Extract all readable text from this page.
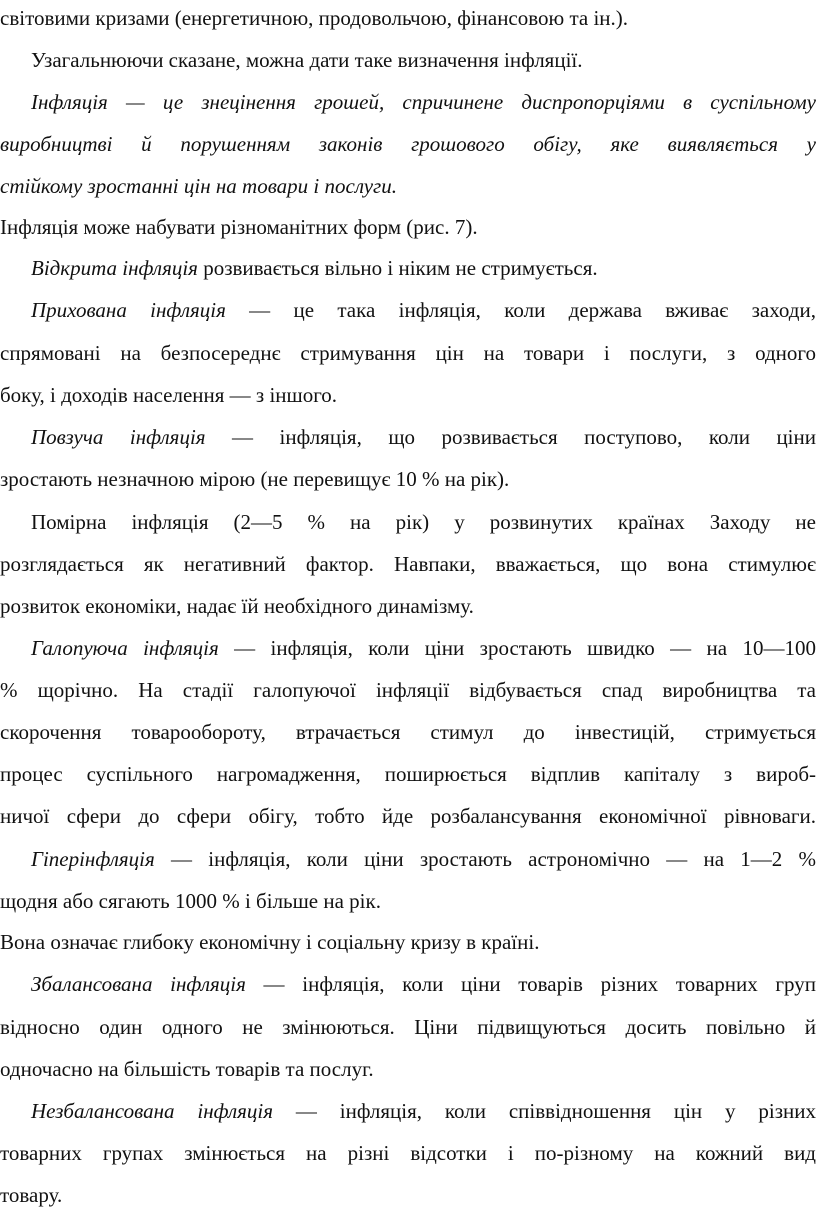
світовими кризами (енергетичною, продовольчою, фінансовою та ін.).
Узагальнюючи сказане, можна дати таке визначення інфляції.
Інфляція — це знецінення грошей, спричинене диспропорціями в суспільному
виробництві й порушенням законів грошового обігу, яке виявляється у
стійкому зростанні цін на товари і послуги.
Інфляція може набувати різноманітних форм (рис. 7).
Відкрита інфляція розвивається вільно і ніким не стримується.
Прихована інфляція — це така інфляція, коли держава вживає заходи,
спрямовані на безпосереднє стримування цін на товари і послуги, з одного
боку, і доходів населення — з іншого.
Повзуча інфляція — інфляція, що розвивається поступово, коли ціни
зростають незначною мірою (не перевищує 10 % на рік).
Помірна інфляція (2—5 % на рік) у розвинутих країнах Заходу не
розглядається як негативний фактор. Навпаки, вважається, що вона стимулює
розвиток економіки, надає їй необхідного динамізму.
Галопуюча інфляція — інфляція, коли ціни зростають швидко — на 10—100
% щорічно. На стадії галопуючої інфляції відбувається спад виробництва та
скорочення товарообороту, втрачається стимул до інвестицій, стримується
процес суспільного нагромадження, поширюється відплив капіталу з вироб-
ничої сфери до сфери обігу, тобто йде розбалансування економічної рівноваги.
Гіперінфляція — інфляція, коли ціни зростають астрономічно — на 1—2 %
щодня або сягають 1000 % і більше на рік.
Вона означає глибоку економічну і соціальну кризу в країні.
Збалансована інфляція — інфляція, коли ціни товарів різних товарних груп
відносно один одного не змінюються. Ціни підвищуються досить повільно й
одночасно на більшість товарів та послуг.
Незбалансована інфляція — інфляція, коли співвідношення цін у різних
товарних групах змінюється на різні відсотки і по-різному на кожний вид
товару.
